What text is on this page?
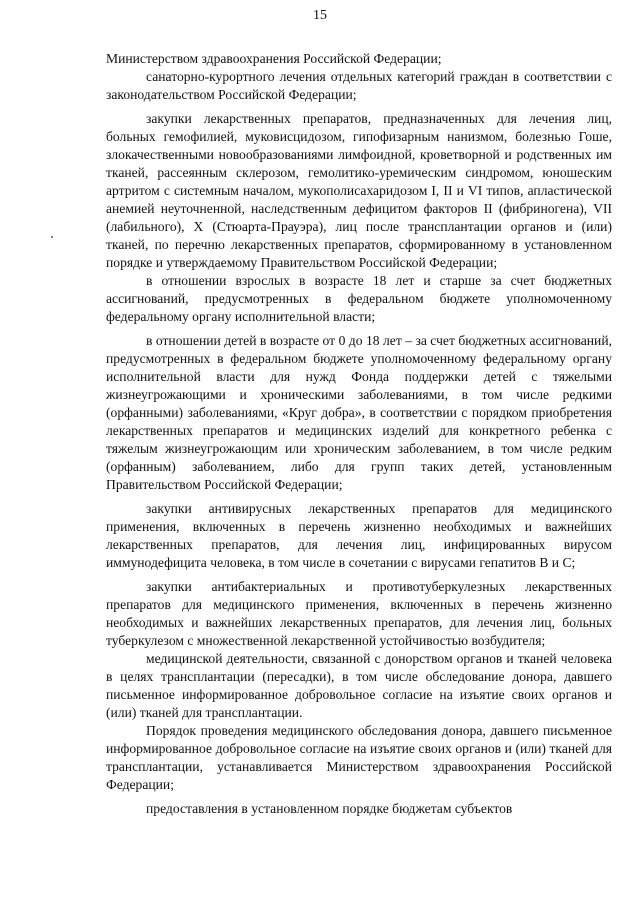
15

Министерством здравоохранения Российской Федерации;

санаторно-курортного лечения отдельных категорий граждан в соответствии с законодательством Российской Федерации;

закупки лекарственных препаратов, предназначенных для лечения лиц, больных гемофилией, муковисцидозом, гипофизарным нанизмом, болезнью Гоше, злокачественными новообразованиями лимфоидной, кроветворной и родственных им тканей, рассеянным склерозом, гемолитико-уремическим синдромом, юношеским артритом с системным началом, мукополисахаридозом I, II и VI типов, апластической анемией неуточненной, наследственным дефицитом факторов II (фибриногена), VII (лабильного), X (Стюарта-Прауэра), лиц после трансплантации органов и (или) тканей, по перечню лекарственных препаратов, сформированному в установленном порядке и утверждаемому Правительством Российской Федерации;

в отношении взрослых в возрасте 18 лет и старше за счет бюджетных ассигнований, предусмотренных в федеральном бюджете уполномоченному федеральному органу исполнительной власти;

в отношении детей в возрасте от 0 до 18 лет – за счет бюджетных ассигнований, предусмотренных в федеральном бюджете уполномоченному федеральному органу исполнительной власти для нужд Фонда поддержки детей с тяжелыми жизнеугрожающими и хроническими заболеваниями, в том числе редкими (орфанными) заболеваниями, «Круг добра», в соответствии с порядком приобретения лекарственных препаратов и медицинских изделий для конкретного ребенка с тяжелым жизнеугрожающим или хроническим заболеванием, в том числе редким (орфанным) заболеванием, либо для групп таких детей, установленным Правительством Российской Федерации;

закупки антивирусных лекарственных препаратов для медицинского применения, включенных в перечень жизненно необходимых и важнейших лекарственных препаратов, для лечения лиц, инфицированных вирусом иммунодефицита человека, в том числе в сочетании с вирусами гепатитов B и C;

закупки антибактериальных и противотуберкулезных лекарственных препаратов для медицинского применения, включенных в перечень жизненно необходимых и важнейших лекарственных препаратов, для лечения лиц, больных туберкулезом с множественной лекарственной устойчивостью возбудителя;

медицинской деятельности, связанной с донорством органов и тканей человека в целях трансплантации (пересадки), в том числе обследование донора, давшего письменное информированное добровольное согласие на изъятие своих органов и (или) тканей для трансплантации.

Порядок проведения медицинского обследования донора, давшего письменное информированное добровольное согласие на изъятие своих органов и (или) тканей для трансплантации, устанавливается Министерством здравоохранения Российской Федерации;

предоставления в установленном порядке бюджетам субъектов
